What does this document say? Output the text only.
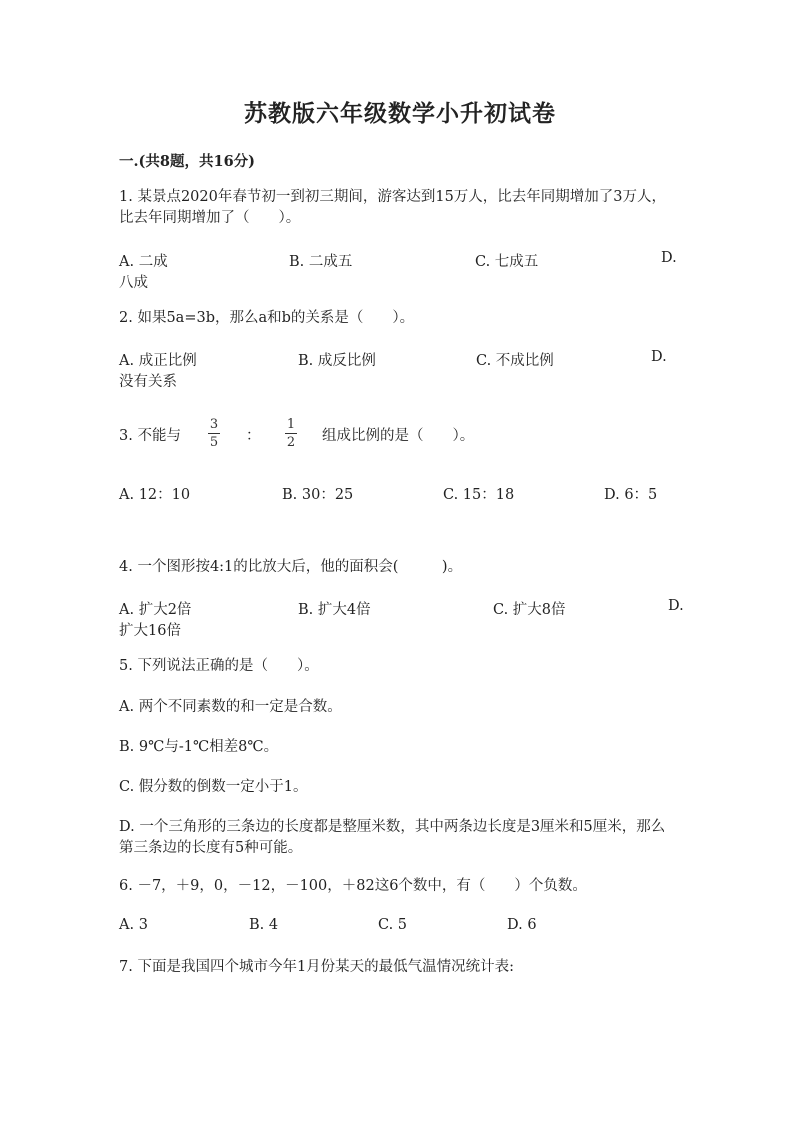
苏教版六年级数学小升初试卷
一.(共8题，共16分)
1. 某景点2020年春节初一到初三期间，游客达到15万人，比去年同期增加了3万人，比去年同期增加了（　　）。
A. 二成	B. 二成五	C. 七成五	D.
八成
2. 如果5a=3b，那么a和b的关系是（　　）。
A. 成正比例	B. 成反比例	C. 不成比例	D.
没有关系
3. 不能与
3
5 ：
1
2 组成比例的是（　　）。
A. 12：10	B. 30：25	C. 15：18	D. 6：5
4. 一个图形按4:1的比放大后，他的面积会(　　　)。
A. 扩大2倍	B. 扩大4倍	C. 扩大8倍	D.
扩大16倍
5. 下列说法正确的是（　　）。
A. 两个不同素数的和一定是合数。
B. 9℃与-1℃相差8℃。
C. 假分数的倒数一定小于1。
D. 一个三角形的三条边的长度都是整厘米数，其中两条边长度是3厘米和5厘米，那么第三条边的长度有5种可能。
6. －7，＋9，0，－12，－100，＋82这6个数中，有（　　）个负数。
A. 3	B. 4	C. 5	D. 6
7. 下面是我国四个城市今年1月份某天的最低气温情况统计表:
